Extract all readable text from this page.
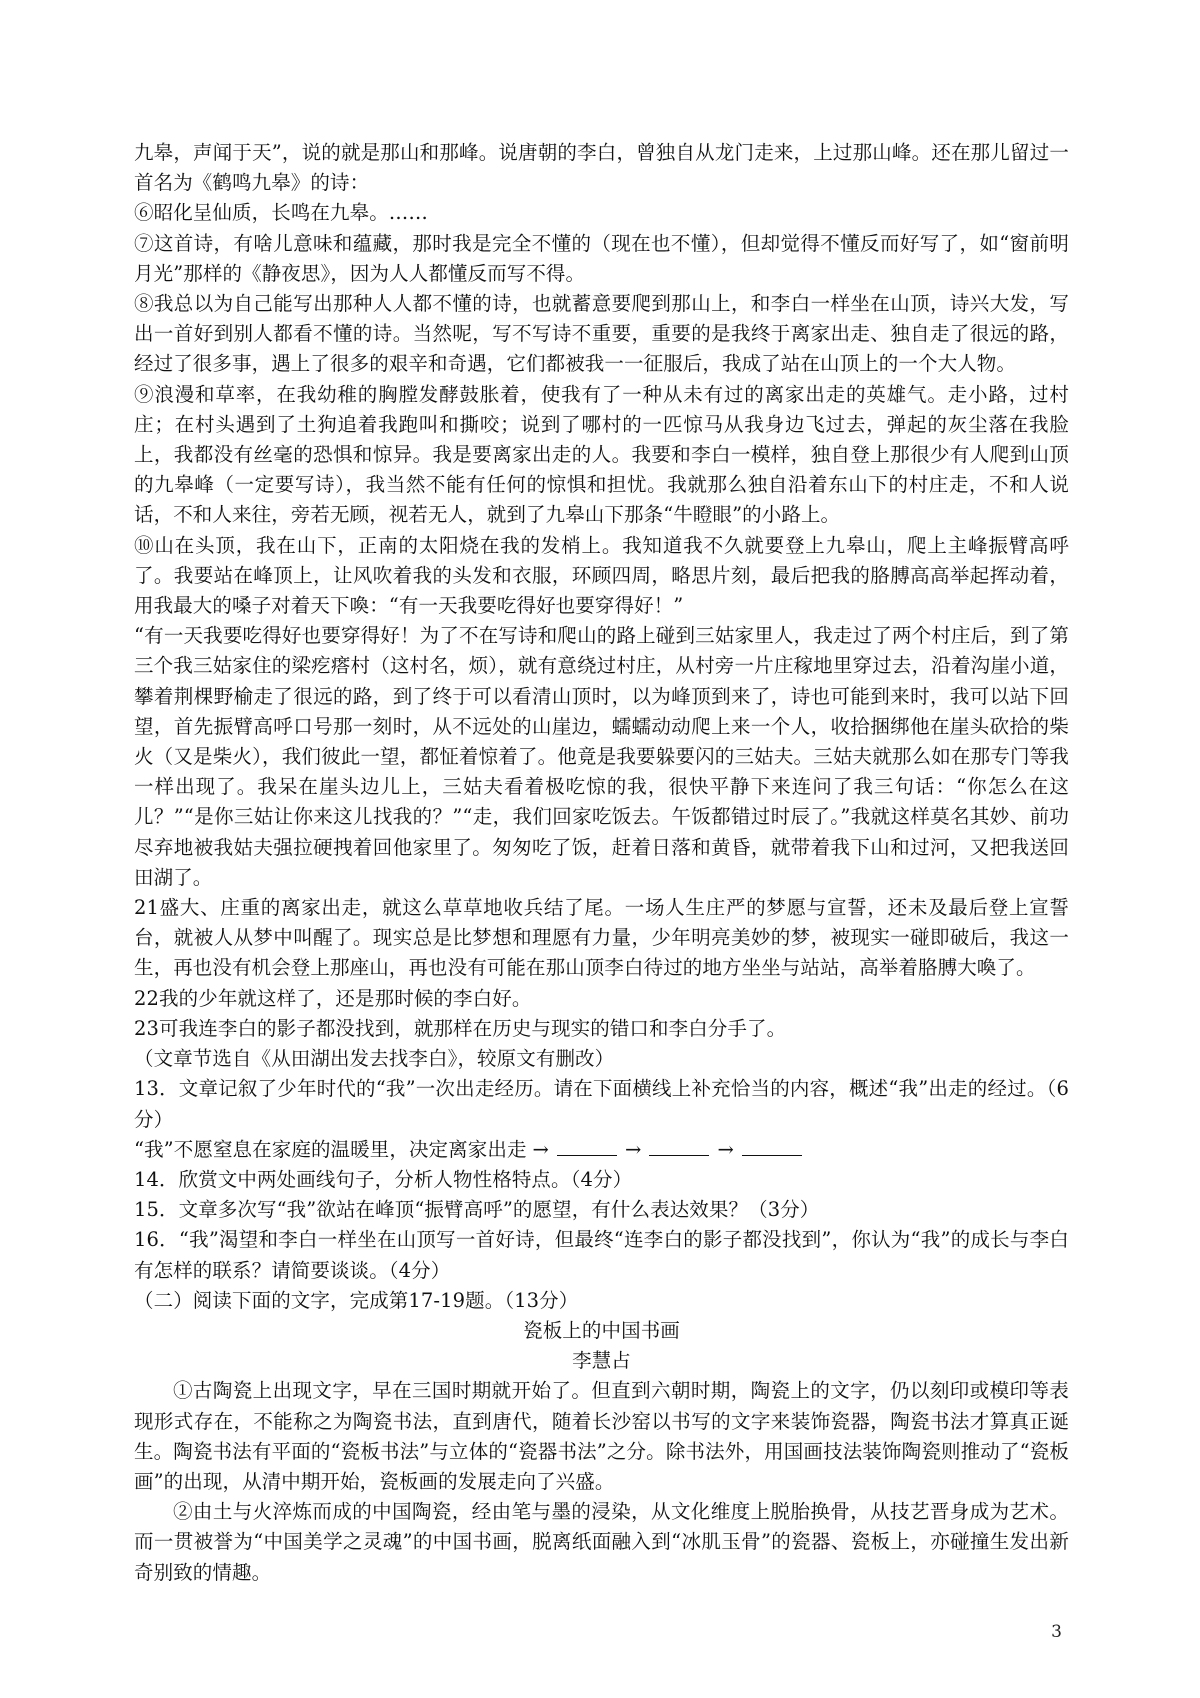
九皋，声闻于天”，说的就是那山和那峰。说唐朝的李白，曾独自从龙门走来，上过那山峰。还在那儿留过一首名为《鹤鸣九皋》的诗：

⑥昭化呈仙质，长鸣在九皋。……

⑦这首诗，有啥儿意味和蕴藏，那时我是完全不懂的（现在也不懂），但却觉得不懂反而好写了，如“窗前明月光”那样的《静夜思》，因为人人都懂反而写不得。

⑧我总以为自己能写出那种人人都不懂的诗，也就蓄意要爬到那山上，和李白一样坐在山顶，诗兴大发，写出一首好到别人都看不懂的诗。当然呢，写不写诗不重要，重要的是我终于离家出走、独自走了很远的路，经过了很多事，遇上了很多的艰辛和奇遇，它们都被我一一征服后，我成了站在山顶上的一个大人物。

⑨浪漫和草率，在我幼稚的胸膛发酵鼓胀着，使我有了一种从未有过的离家出走的英雄气。走小路，过村庄；在村头遇到了土狗追着我跑叫和撕咬；说到了哪村的一匹惊马从我身边飞过去，弹起的灰尘落在我脸上，我都没有丝毫的恐惧和惊异。我是要离家出走的人。我要和李白一模样，独自登上那很少有人爬到山顶的九皋峰（一定要写诗），我当然不能有任何的惊惧和担忧。我就那么独自沿着东山下的村庄走，不和人说话，不和人来往，旁若无顾，视若无人，就到了九皋山下那条“牛瞪眼”的小路上。

⑩山在头顶，我在山下，正南的太阳烧在我的发梢上。我知道我不久就要登上九皋山，爬上主峰振臂高呼了。我要站在峰顶上，让风吹着我的头发和衣服，环顾四周，略思片刻，最后把我的胳膊高高举起挥动着，用我最大的嗓子对着天下喚：“有一天我要吃得好也要穿得好！”

“有一天我要吃得好也要穿得好！为了不在写诗和爬山的路上碰到三姑家里人，我走过了两个村庄后，到了第三个我三姑家住的梁疙瘩村（这村名，烦），就有意绕过村庄，从村旁一片庄稼地里穿过去，沿着沟崖小道，攀着荆棵野榆走了很远的路，到了终于可以看清山顶时，以为峰顶到来了，诗也可能到来时，我可以站下回望，首先振臂高呼口号那一刻时，从不远处的山崖边，蠕蠕动动爬上来一个人，收拾捆绑他在崖头砍拾的柴火（又是柴火），我们彼此一望，都怔着惊着了。他竟是我要躲要闪的三姑夫。三姑夫就那么如在那专门等我一样出现了。我呆在崖头边儿上，三姑夫看着极吃惊的我，很快平静下来连问了我三句话：“你怎么在这儿？”“是你三姑让你来这儿找我的？”“走，我们回家吃饭去。午饭都错过时辰了。”我就这样莫名其妙、前功尽弃地被我姑夫强拉硬拽着回他家里了。匆匆吃了饭，赶着日落和黄昏，就带着我下山和过河，又把我送回田湖了。

21盛大、庄重的离家出走，就这么草草地收兵结了尾。一场人生庄严的梦愿与宣誓，还未及最后登上宣誓台，就被人从梦中叫醒了。现实总是比梦想和理愿有力量，少年明亮美妙的梦，被现实一碰即破后，我这一生，再也没有机会登上那座山，再也没有可能在那山顶李白待过的地方坐坐与站站，高举着胳膊大喚了。

22我的少年就这样了，还是那时候的李白好。

23可我连李白的影子都没找到，就那样在历史与现实的错口和李白分手了。

（文章节选自《从田湖出发去找李白》，较原文有删改）

13．文章记叙了少年时代的“我”一次出走经历。请在下面横线上补充恰当的内容，概述“我”出走的经过。（6分）

“我”不愿窒息在家庭的温暖里，决定离家出走 →	→	→

14．欣赏文中两处画线句子，分析人物性格特点。（4分）

15．文章多次写“我”欲站在峰顶“振臂高呼”的愿望，有什么表达效果？（3分）

16．“我”渴望和李白一样坐在山顶写一首好诗，但最终“连李白的影子都没找到”，你认为“我”的成长与李白有怎样的联系？请简要谈谈。（4分）

（二）阅读下面的文字，完成第17-19题。（13分）

瓷板上的中国书画

李慧占

①古陶瓷上出现文字，早在三国时期就开始了。但直到六朝时期，陶瓷上的文字，仍以刻印或模印等表现形式存在，不能称之为陶瓷书法，直到唐代，随着长沙窑以书写的文字来装饰瓷器，陶瓷书法才算真正诞生。陶瓷书法有平面的“瓷板书法”与立体的“瓷器书法”之分。除书法外，用国画技法装饰陶瓷则推动了“瓷板画”的出现，从清中期开始，瓷板画的发展走向了兴盛。

②由土与火淬炼而成的中国陶瓷，经由笔与墨的浸染，从文化维度上脱胎换骨，从技艺晋身成为艺术。而一贯被誉为“中国美学之灵魂”的中国书画，脱离纸面融入到“冰肌玉骨”的瓷器、瓷板上，亦碰撞生发出新奇别致的情趣。

3
